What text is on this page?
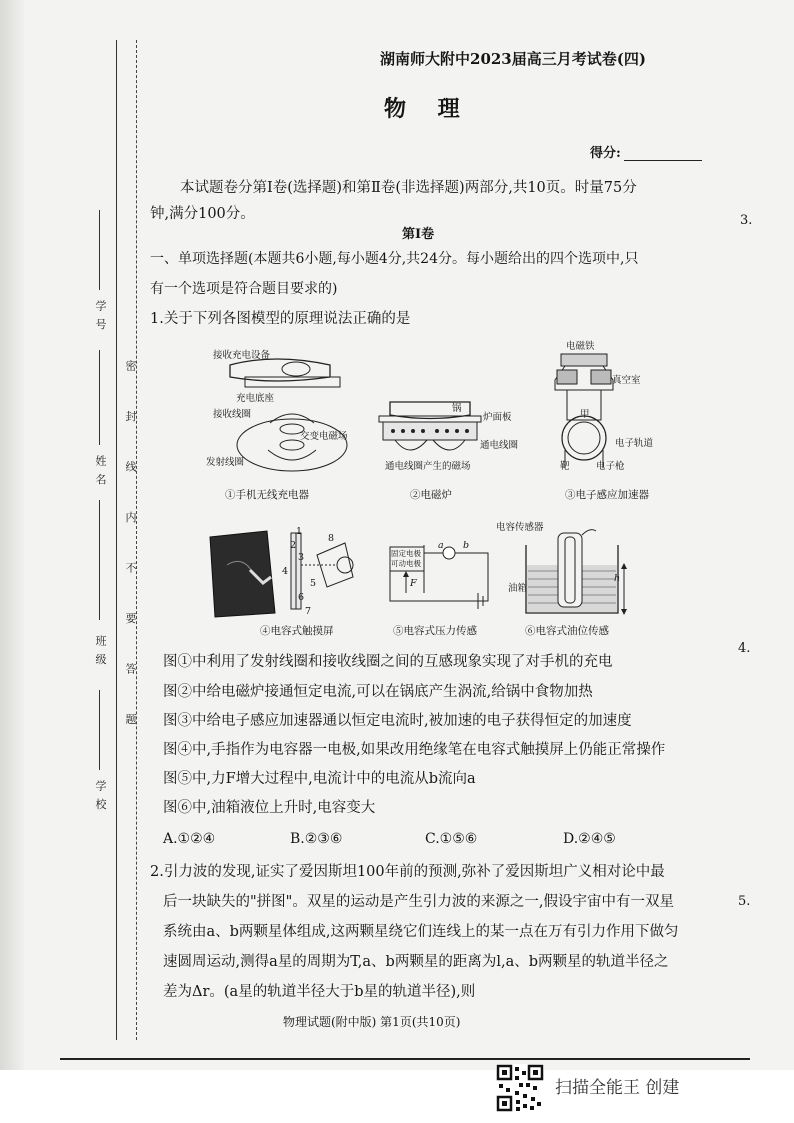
学 号
姓 名
班 级
学 校
密 封 线 内 不 要 答 题
湖南师大附中2023届高三月考试卷(四)
物 理
得分:
本试题卷分第Ⅰ卷(选择题)和第Ⅱ卷(非选择题)两部分,共10页。时量75分
钟,满分100分。
第Ⅰ卷
一、单项选择题(本题共6小题,每小题4分,共24分。每小题给出的四个选项中,只
有一个选项是符合题目要求的)
1.关于下列各图模型的原理说法正确的是
接收充电设备
充电底座
接收线圈
交变电磁场
发射线圈
①手机无线充电器
锅
炉面板
通电线圈
通电线圈产生的磁场
②电磁炉
电磁铁
真空室
甲
电子轨道
靶	电子枪
③电子感应加速器
1
2
3
4
5
6
7
8
④电容式触摸屏
固定电极
可动电极
a b
F
⑤电容式压力传感
电容传感器
油箱
h
⑥电容式油位传感
图①中利用了发射线圈和接收线圈之间的互感现象实现了对手机的充电
图②中给电磁炉接通恒定电流,可以在锅底产生涡流,给锅中食物加热
图③中给电子感应加速器通以恒定电流时,被加速的电子获得恒定的加速度
图④中,手指作为电容器一电极,如果改用绝缘笔在电容式触摸屏上仍能正常操作
图⑤中,力F增大过程中,电流计中的电流从b流向a
图⑥中,油箱液位上升时,电容变大
A.①②④	B.②③⑥	C.①⑤⑥	D.②④⑤
2.引力波的发现,证实了爱因斯坦100年前的预测,弥补了爱因斯坦广义相对论中最
后一块缺失的"拼图"。双星的运动是产生引力波的来源之一,假设宇宙中有一双星
系统由a、b两颗星体组成,这两颗星绕它们连线上的某一点在万有引力作用下做匀
速圆周运动,测得a星的周期为T,a、b两颗星的距离为l,a、b两颗星的轨道半径之
差为Δr。(a星的轨道半径大于b星的轨道半径),则
3.
4.
5.
物理试题(附中版) 第1页(共10页)
扫描全能王 创建
